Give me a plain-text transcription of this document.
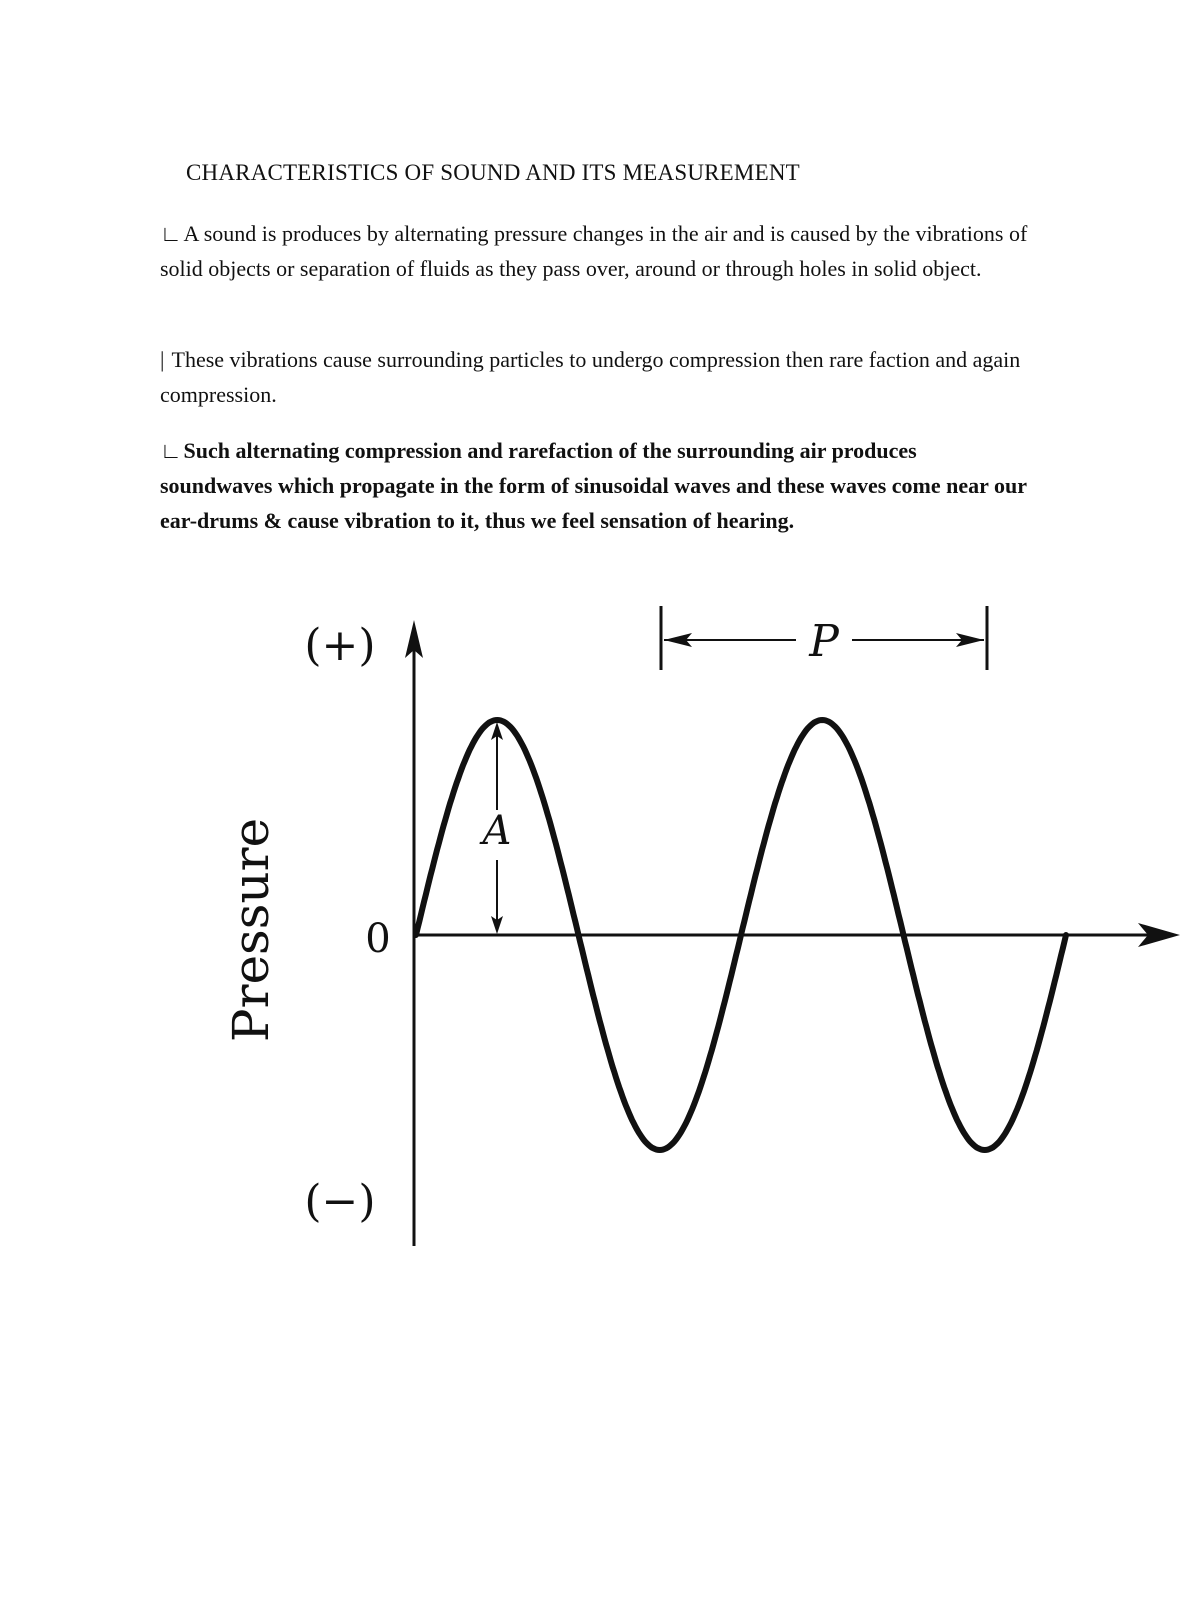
CHARACTERISTICS OF SOUND AND ITS MEASUREMENT

∟A sound is produces by alternating pressure changes in the air and is caused by the vibrations of solid objects or separation of fluids as they pass over, around or through holes in solid object.

| These vibrations cause surrounding particles to undergo compression then rare faction and again compression.

∟Such alternating compression and rarefaction of the surrounding air produces soundwaves which propagate in the form of sinusoidal waves and these waves come near our ear-drums & cause vibration to it, thus we feel sensation of hearing.

A
P
(+)
(−)
0
Pressure
